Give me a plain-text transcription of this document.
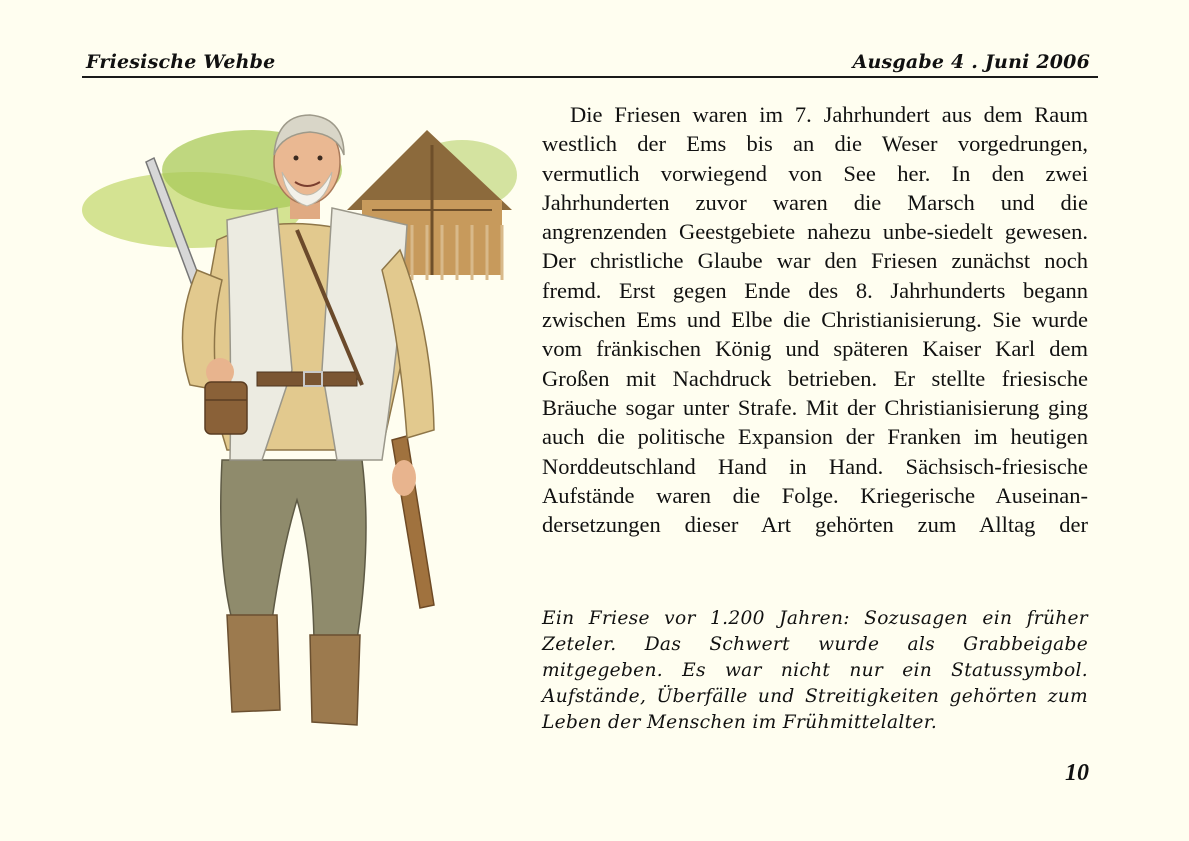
Friesische Wehbe	Ausgabe 4 . Juni 2006

Die Friesen waren im 7. Jahrhundert aus dem Raum westlich der Ems bis an die Weser vorgedrungen, vermutlich vorwiegend von See her. In den zwei Jahrhunderten zuvor waren die Marsch und die angrenzenden Geestgebiete nahezu unbe-siedelt gewesen. Der christliche Glaube war den Friesen zunächst noch fremd. Erst gegen Ende des 8. Jahrhunderts begann zwischen Ems und Elbe die Christianisierung. Sie wurde vom fränkischen König und späteren Kaiser Karl dem Großen mit Nachdruck betrieben. Er stellte friesische Bräuche sogar unter Strafe. Mit der Christianisierung ging auch die politische Expansion der Franken im heutigen Norddeutschland Hand in Hand. Sächsisch-friesische Aufstände waren die Folge. Kriegerische Auseinan-dersetzungen dieser Art gehörten zum Alltag der

Ein Friese vor 1.200 Jahren: Sozusagen ein früher Zeteler. Das Schwert wurde als Grabbeigabe mitgegeben. Es war nicht nur ein Statussymbol. Aufstände, Überfälle und Streitigkeiten gehörten zum Leben der Menschen im Frühmittelalter.
10
